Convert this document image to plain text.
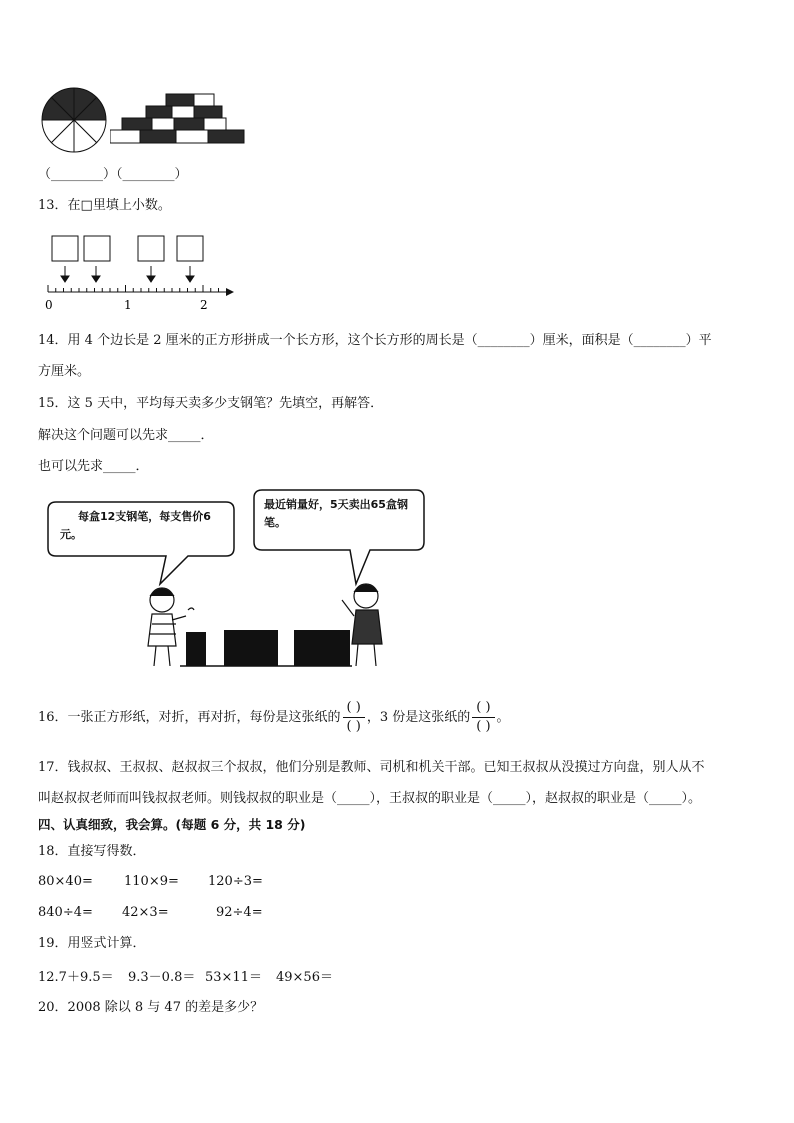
（________）（________）
13．在□里填上小数。
0	1	2
14．用 4 个边长是 2 厘米的正方形拼成一个长方形，这个长方形的周长是（________）厘米，面积是（________）平
方厘米。
15．这 5 天中，平均每天卖多少支钢笔？先填空，再解答．
解决这个问题可以先求_____．
也可以先求_____．
每盒12支钢笔，每支售价6元。
最近销量好，5天卖出65盒钢笔。
16．一张正方形纸，对折，再对折，每份是这张纸的 $\frac{( )}{( )}$ ，3 份是这张纸的 $\frac{( )}{( )}$ 。
17．钱叔叔、王叔叔、赵叔叔三个叔叔，他们分别是教师、司机和机关干部。已知王叔叔从没摸过方向盘，别人从不
叫赵叔叔老师而叫钱叔叔老师。则钱叔叔的职业是（_____），王叔叔的职业是（_____），赵叔叔的职业是（_____）。
四、认真细致，我会算。(每题 6 分，共 18 分)
18．直接写得数．
80×40= 110×9= 120÷3=
840÷4= 42×3=	92÷4=
19．用竖式计算．
12.7＋9.5＝ 9.3－0.8＝ 53×11＝ 49×56＝
20．2008 除以 8 与 47 的差是多少？
